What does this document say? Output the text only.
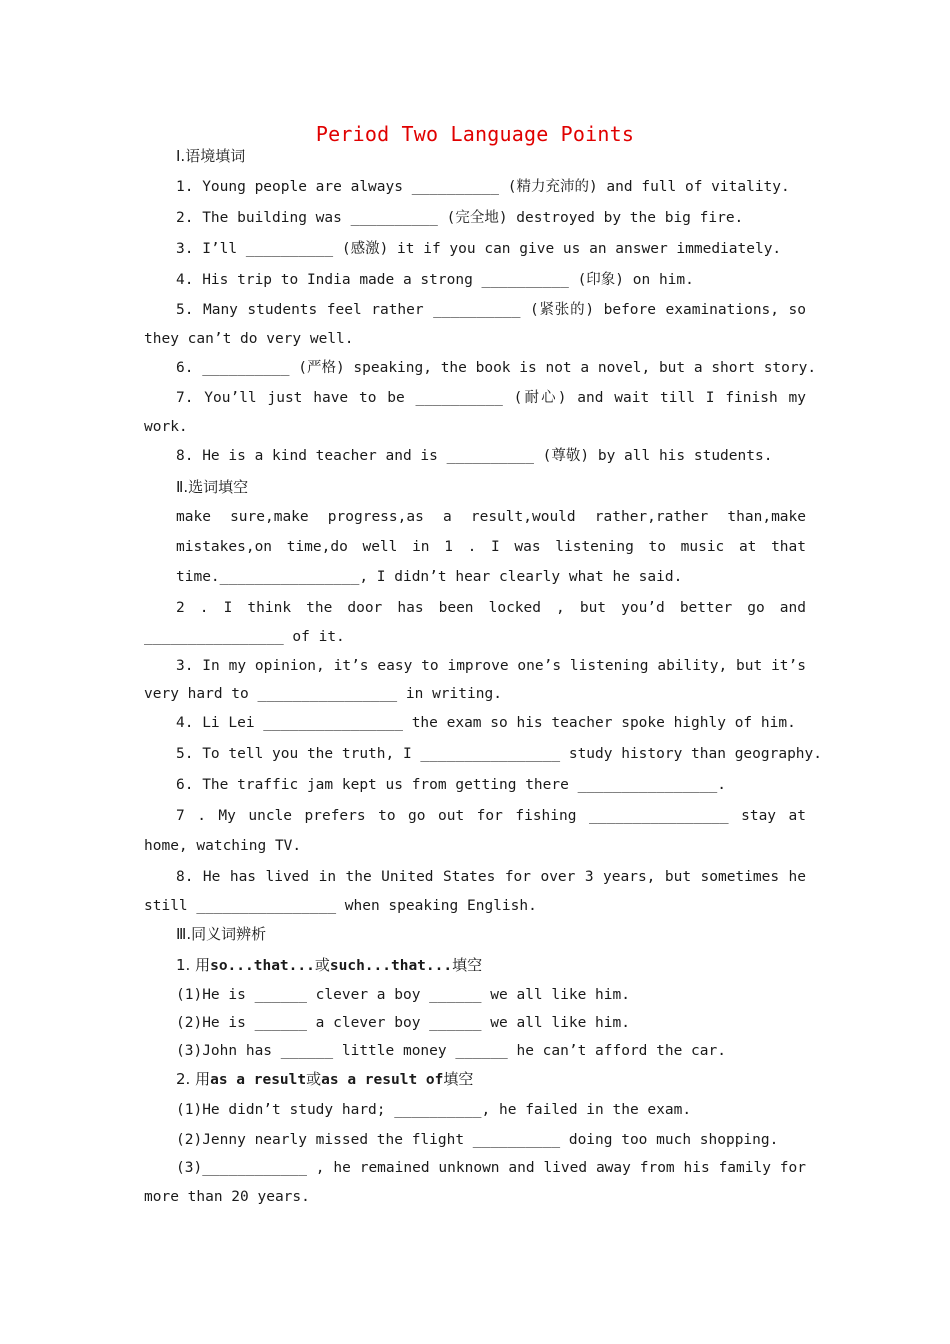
Period Two Language Points
Ⅰ.语境填词
1. Young people are always __________ (精力充沛的) and full of vitality.
2. The building was __________ (完全地) destroyed by the big fire.
3. I’ll __________ (感激) it if you can give us an answer immediately.
4. His trip to India made a strong __________ (印象) on him.
5. Many students feel rather __________ (紧张的) before examinations, so
they can’t do very well.
6. __________ (严格) speaking, the book is not a novel, but a short story.
7. You’ll just have to be __________ (耐心) and wait till I finish my
work.
8. He is a kind teacher and is __________ (尊敬) by all his students.
Ⅱ.选词填空
make sure,make progress,as a result,would rather,rather than,make
mistakes,on time,do well in 1 . I was listening to music at that
time.________________, I didn’t hear clearly what he said.
2 . I think the door has been locked , but you’d better go and
________________ of it.
3. In my opinion, it’s easy to improve one’s listening ability, but it’s
very hard to ________________ in writing.
4. Li Lei ________________ the exam so his teacher spoke highly of him.
5. To tell you the truth, I ________________ study history than geography.
6. The traffic jam kept us from getting there ________________.
7 . My uncle prefers to go out for fishing ________________ stay at
home, watching TV.
8. He has lived in the United States for over 3 years, but sometimes he
still ________________ when speaking English.
Ⅲ.同义词辨析
1. 用so...that...或such...that...填空
(1)He is ______ clever a boy ______ we all like him.
(2)He is ______ a clever boy ______ we all like him.
(3)John has ______ little money ______ he can’t afford the car.
2. 用as a result或as a result of填空
(1)He didn’t study hard; __________, he failed in the exam.
(2)Jenny nearly missed the flight __________ doing too much shopping.
(3)____________ , he remained unknown and lived away from his family for
more than 20 years.
